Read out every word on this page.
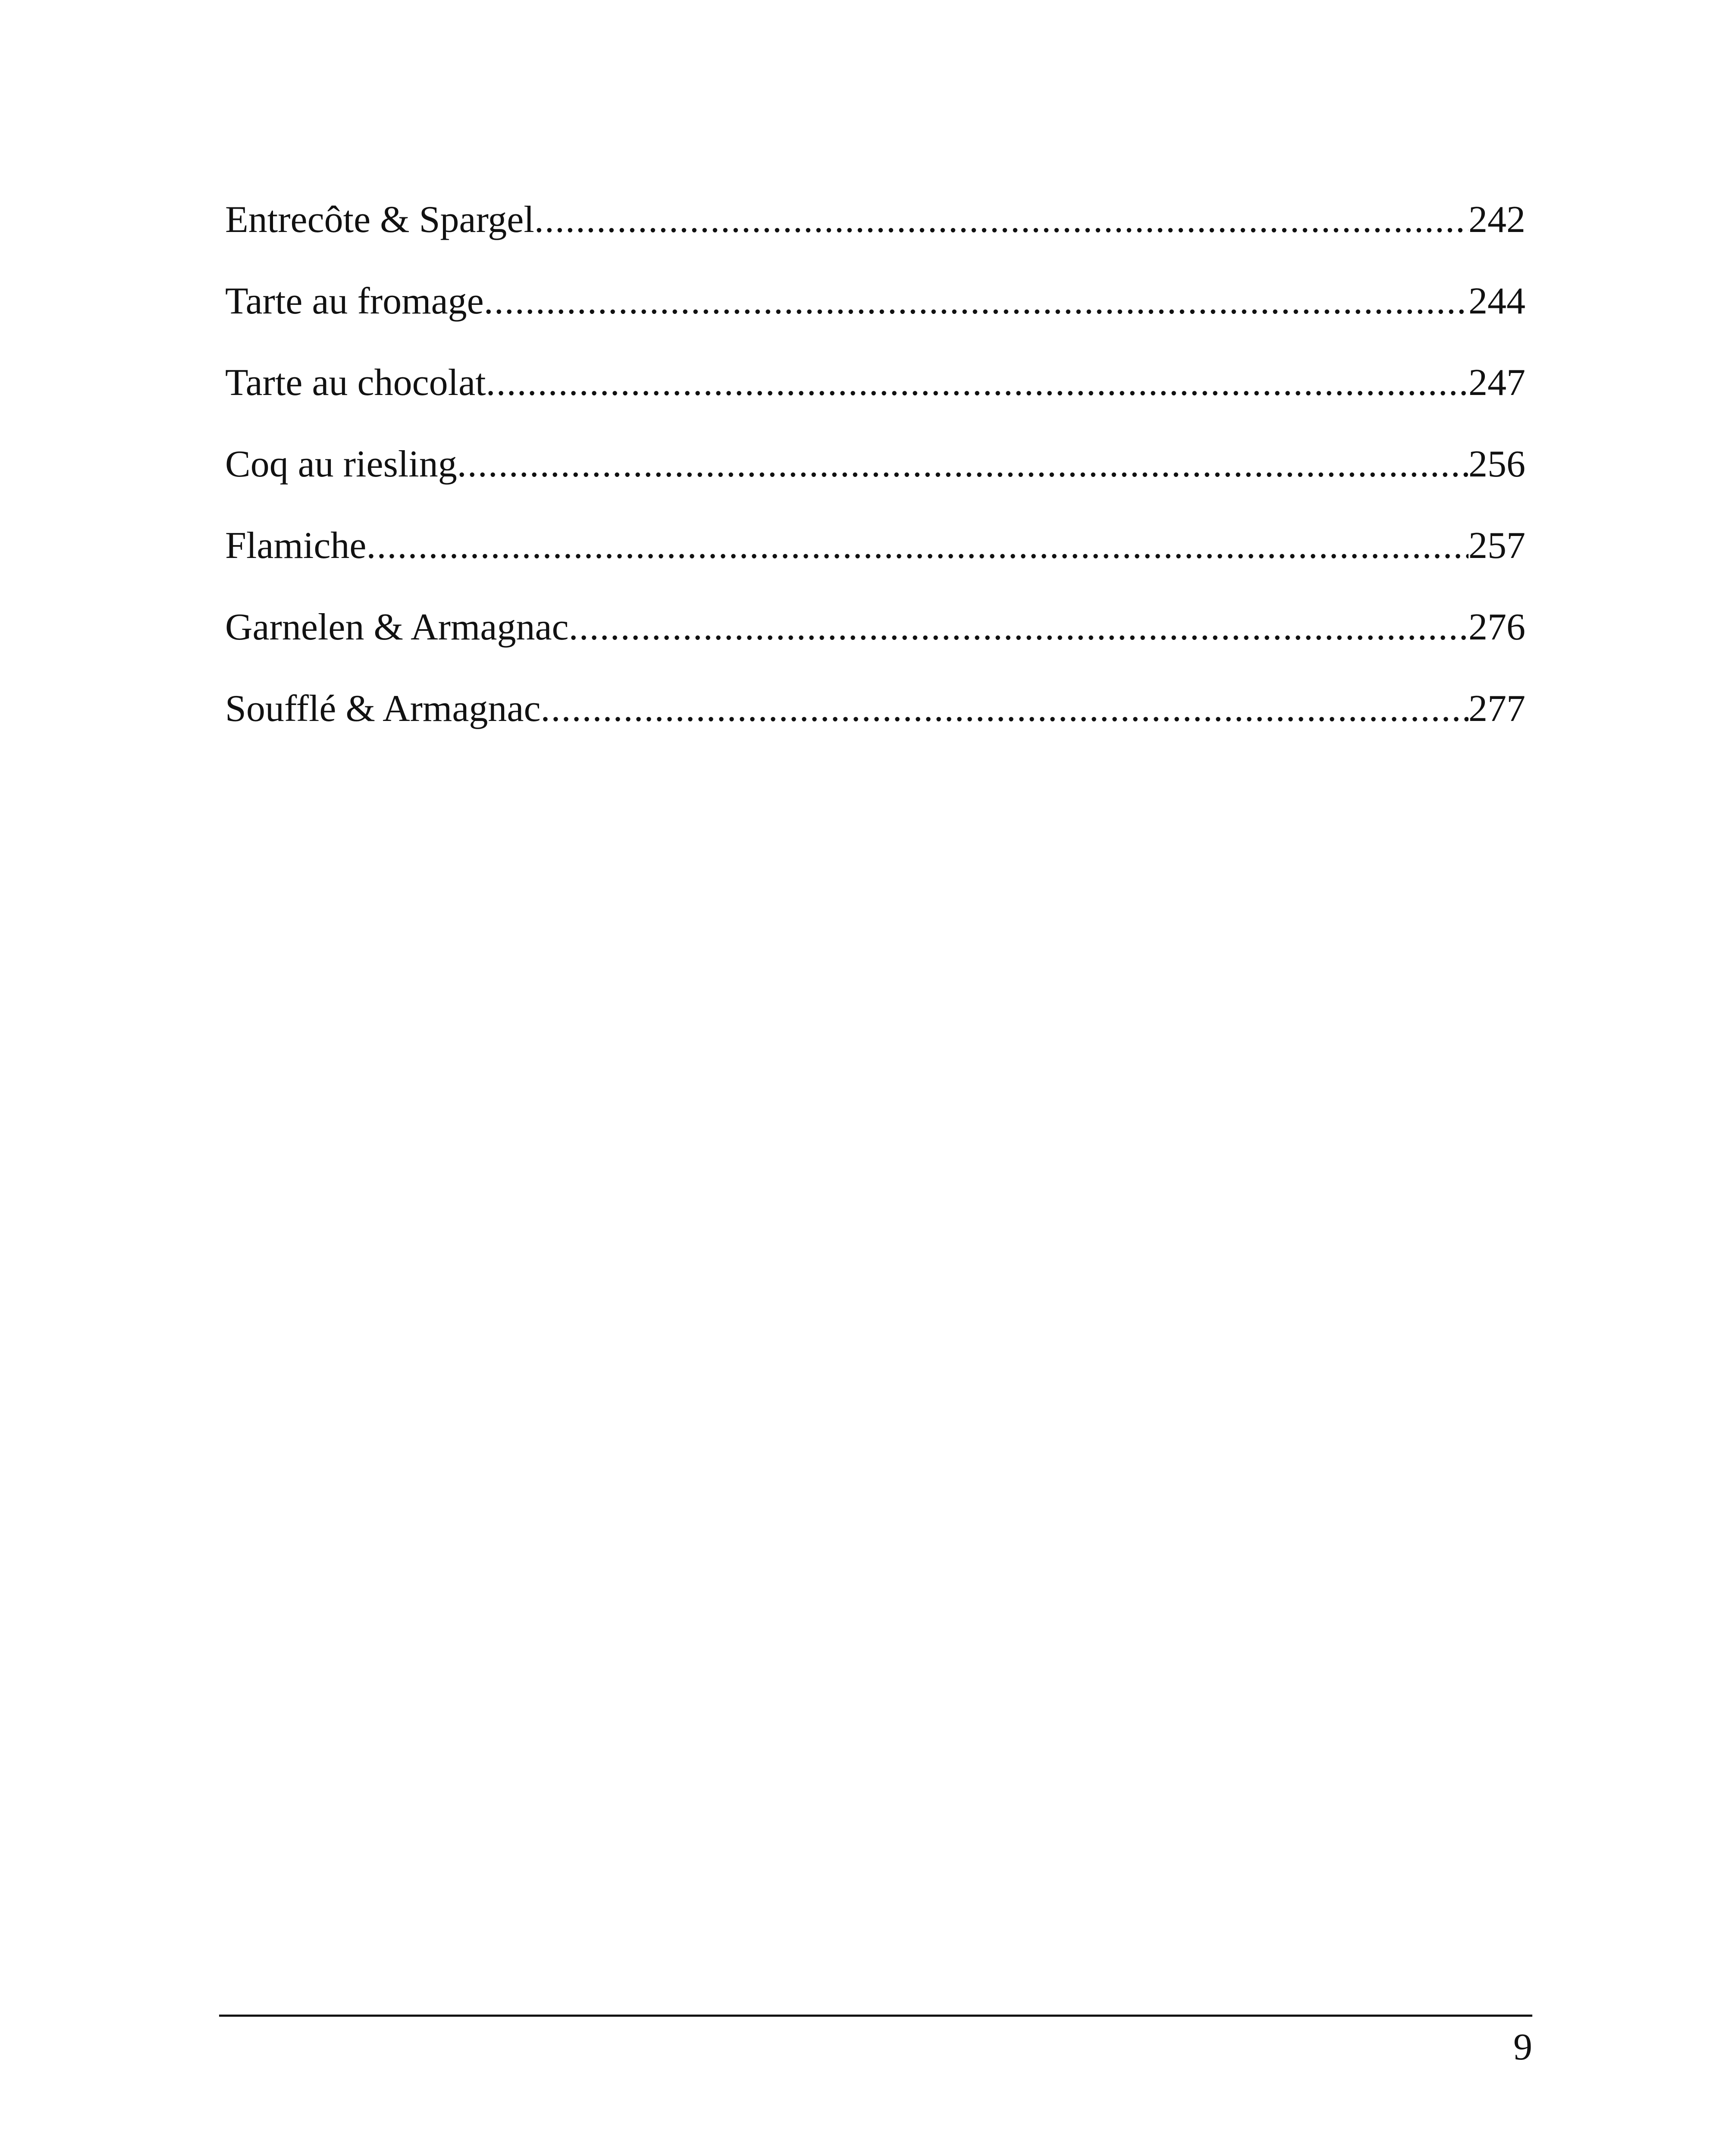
Entrecôte & Spargel .....	242
Tarte au fromage .....	244
Tarte au chocolat .....	247
Coq au riesling .....	256
Flamiche .....	257
Garnelen & Armagnac .....	276
Soufflé & Armagnac .....	277
9
